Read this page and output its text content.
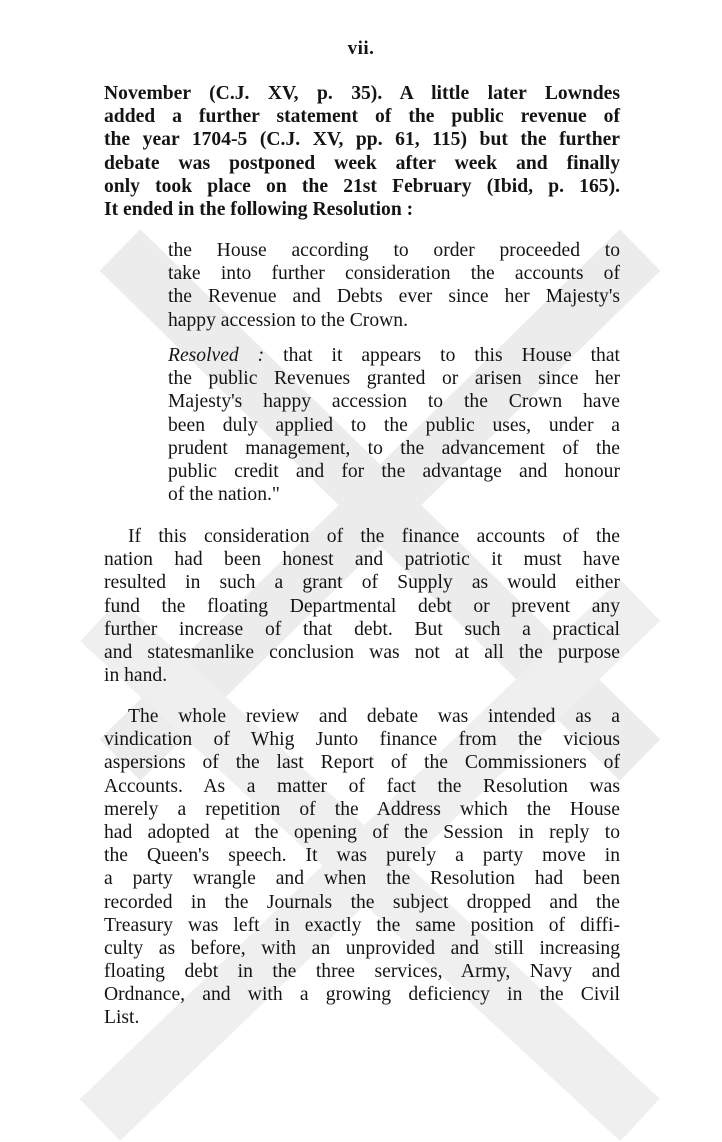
vii.
November (C.J. XV, p. 35). A little later Lowndes
added a further statement of the public revenue of
the year 1704-5 (C.J. XV, pp. 61, 115) but the further
debate was postponed week after week and finally
only took place on the 21st February (Ibid, p. 165).
It ended in the following Resolution :
the House according to order proceeded to
take into further consideration the accounts of
the Revenue and Debts ever since her Majesty's
happy accession to the Crown.
Resolved : that it appears to this House that
the public Revenues granted or arisen since her
Majesty's happy accession to the Crown have
been duly applied to the public uses, under a
prudent management, to the advancement of the
public credit and for the advantage and honour
of the nation."
If this consideration of the finance accounts of the
nation had been honest and patriotic it must have
resulted in such a grant of Supply as would either
fund the floating Departmental debt or prevent any
further increase of that debt. But such a practical
and statesmanlike conclusion was not at all the purpose
in hand.
The whole review and debate was intended as a
vindication of Whig Junto finance from the vicious
aspersions of the last Report of the Commissioners of
Accounts. As a matter of fact the Resolution was
merely a repetition of the Address which the House
had adopted at the opening of the Session in reply to
the Queen's speech. It was purely a party move in
a party wrangle and when the Resolution had been
recorded in the Journals the subject dropped and the
Treasury was left in exactly the same position of diffi-
culty as before, with an unprovided and still increasing
floating debt in the three services, Army, Navy and
Ordnance, and with a growing deficiency in the Civil
List.
